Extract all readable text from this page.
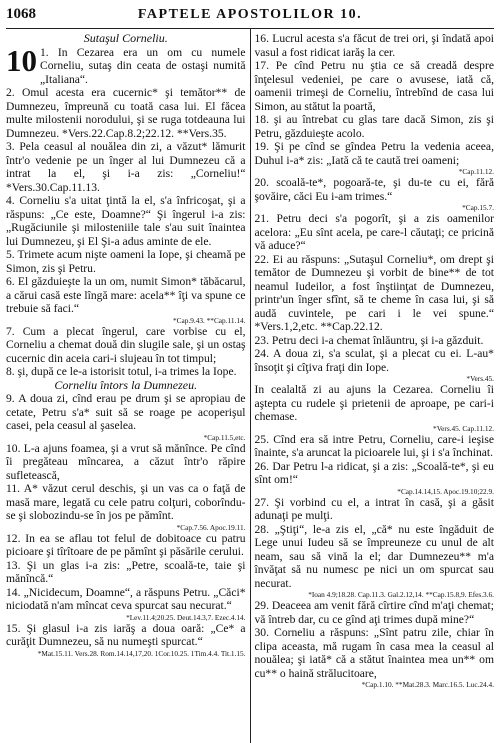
1068	FAPTELE APOSTOLILOR 10.

Sutaşul Corneliu.

10 1. In Cezarea era un om cu numele Corneliu, sutaş din ceata de ostaşi numită „Italiana“.

2. Omul acesta era cucernic* şi temător** de Dumnezeu, împreună cu toată casa lui. El făcea multe milostenii norodului, şi se ruga totdeauna lui Dumnezeu. *Vers.22.Cap.8.2;22.12. **Vers.35.

3. Pela ceasul al nouălea din zi, a văzut* lămurit într'o vedenie pe un înger al lui Dumnezeu că a intrat la el, şi i-a zis: „Corneliu!“ *Vers.30.Cap.11.13.

4. Corneliu s'a uitat ţintă la el, s'a înfricoşat, şi a răspuns: „Ce este, Doamne?“ Şi îngerul i-a zis: „Rugăciunile şi milosteniile tale s'au suit înaintea lui Dumnezeu, şi El Şi-a adus aminte de ele.

5. Trimete acum nişte oameni la Iope, şi cheamă pe Simon, zis şi Petru.

6. El găzduieşte la un om, numit Simon* tăbăcarul, a cărui casă este lîngă mare: acela** îţi va spune ce trebuie să faci.“

*Cap.9.43. **Cap.11.14.

7. Cum a plecat îngerul, care vorbise cu el, Corneliu a chemat două din slugile sale, şi un ostaş cucernic din aceia cari-i slujeau în tot timpul;

8. şi, după ce le-a istorisit totul, i-a trimes la Iope.

Corneliu întors la Dumnezeu.

9. A doua zi, cînd erau pe drum şi se apropiau de cetate, Petru s'a* suit să se roage pe acoperişul casei, pela ceasul al şaselea.

*Cap.11.5,etc.

10. L-a ajuns foamea, şi a vrut să mănînce. Pe cînd îi pregăteau mîncarea, a căzut într'o răpire sufletească,

11. A* văzut cerul deschis, şi un vas ca o faţă de masă mare, legată cu cele patru colţuri, coborîndu-se şi slobozindu-se în jos pe pămînt.

*Cap.7.56. Apoc.19.11.

12. In ea se aflau tot felul de dobitoace cu patru picioare şi tîrîtoare de pe pămînt şi păsările cerului.

13. Şi un glas i-a zis: „Petre, scoală-te, taie şi mănîncă.“

14. „Nicidecum, Doamne“, a răspuns Petru. „Căci* niciodată n'am mîncat ceva spurcat sau necurat.“

*Lev.11.4;20.25. Deut.14.3,7. Ezec.4.14.

15. Şi glasul i-a zis iarăş a doua oară: „Ce* a curăţit Dumnezeu, să nu numeşti spurcat.“

*Mat.15.11. Vers.28. Rom.14.14,17,20. 1Cor.10.25. 1Tim.4.4. Tit.1.15.

16. Lucrul acesta s'a făcut de trei ori, şi îndată apoi vasul a fost ridicat iarăş la cer.

17. Pe cînd Petru nu ştia ce să creadă despre înţelesul vedeniei, pe care o avusese, iată că, oamenii trimeşi de Corneliu, întrebînd de casa lui Simon, au stătut la poartă,

18. şi au întrebat cu glas tare dacă Simon, zis şi Petru, găzduieşte acolo.

19. Şi pe cînd se gîndea Petru la vedenia aceea, Duhul i-a* zis: „Iată că te caută trei oameni;

*Cap.11.12.

20. scoală-te*, pogoară-te, şi du-te cu ei, fără şovăire, căci Eu i-am trimes.“

*Cap.15.7.

21. Petru deci s'a pogorît, şi a zis oamenilor acelora: „Eu sînt acela, pe care-l căutaţi; ce pricină vă aduce?“

22. Ei au răspuns: „Sutaşul Corneliu*, om drept şi temător de Dumnezeu şi vorbit de bine** de tot neamul Iudeilor, a fost înştiinţat de Dumnezeu, printr'un înger sfînt, să te cheme în casa lui, şi să audă cuvintele, pe cari i le vei spune.“ *Vers.1,2,etc. **Cap.22.12.

23. Petru deci i-a chemat înlăuntru, şi i-a găzduit.

24. A doua zi, s'a sculat, şi a plecat cu ei. L-au* însoţit şi cîţiva fraţi din Iope.

*Vers.45.

In cealaltă zi au ajuns la Cezarea. Corneliu îi aştepta cu rudele şi prietenii de aproape, pe cari-i chemase.

*Vers.45. Cap.11.12.

25. Cînd era să intre Petru, Corneliu, care-i ieşise înainte, s'a aruncat la picioarele lui, şi i s'a închinat.

26. Dar Petru l-a ridicat, şi a zis: „Scoală-te*, şi eu sînt om!“

*Cap.14.14,15. Apoc.19.10;22.9.

27. Şi vorbind cu el, a intrat în casă, şi a găsit adunaţi pe mulţi.

28. „Ştiţi“, le-a zis el, „că* nu este îngăduit de Lege unui Iudeu să se împreuneze cu unul de alt neam, sau să vină la el; dar Dumnezeu** m'a învăţat să nu numesc pe nici un om spurcat sau necurat.

*Ioan 4.9;18.28. Cap.11.3. Gal.2.12,14. **Cap.15.8,9. Efes.3.6.

29. Deaceea am venit fără cîrtire cînd m'aţi chemat; vă întreb dar, cu ce gînd aţi trimes după mine?“

30. Corneliu a răspuns: „Sînt patru zile, chiar în clipa aceasta, mă rugam în casa mea la ceasul al nouălea; şi iată* că a stătut înaintea mea un** om cu** o haină strălucitoare,

*Cap.1.10. **Mat.28.3. Marc.16.5. Luc.24.4.
